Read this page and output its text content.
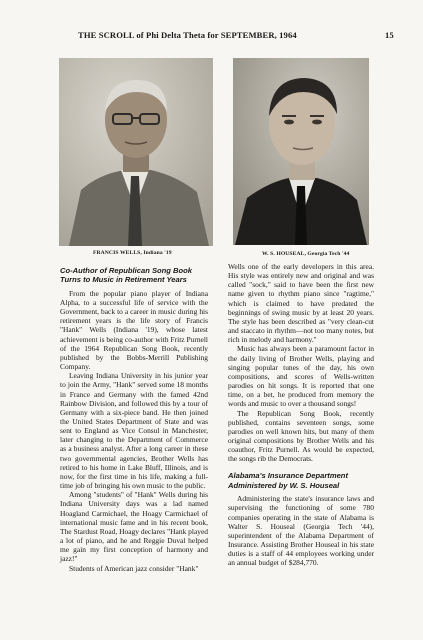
THE SCROLL of Phi Delta Theta for SEPTEMBER, 1964	15
FRANCIS WELLS, Indiana '19	W. S. HOUSEAL, Georgia Tech '44
Co-Author of Republican Song Book
Turns to Music in Retirement Years

From the popular piano player of Indiana Alpha, to a successful life of service with the Government, back to a career in music during his retirement years is the life story of Francis "Hank" Wells (Indiana '19), whose latest achievement is being co-author with Fritz Purnell of the 1964 Republican Song Book, recently published by the Bobbs-Merrill Publishing Company.

Leaving Indiana University in his junior year to join the Army, "Hank" served some 18 months in France and Germany with the famed 42nd Rainbow Division, and followed this by a tour of Germany with a six-piece band. He then joined the United States Department of State and was sent to England as Vice Consul in Manchester, later changing to the Department of Commerce as a business analyst. After a long career in these two governmental agencies, Brother Wells has retired to his home in Lake Bluff, Illinois, and is now, for the first time in his life, making a full-time job of bringing his own music to the public.

Among "students" of "Hank" Wells during his Indiana University days was a lad named Hoagland Carmichael, the Hoagy Carmichael of international music fame and in his recent book, The Stardust Road, Hoagy declares "Hank played a lot of piano, and he and Reggie Duval helped me gain my first conception of harmony and jazz!"

Students of American jazz consider "Hank"

Wells one of the early developers in this area. His style was entirely new and original and was called "sock," said to have been the first new name given to rhythm piano since "ragtime," which is claimed to have predated the beginnings of swing music by at least 20 years. The style has been described as "very clean-cut and staccato in rhythm—not too many notes, but rich in melody and harmony."

Music has always been a paramount factor in the daily living of Brother Wells, playing and singing popular tunes of the day, his own compositions, and scores of Wells-written parodies on hit songs. It is reported that one time, on a bet, he produced from memory the words and music to over a thousand songs!

The Republican Song Book, recently published, contains seventeen songs, some parodies on well known hits, but many of them original compositions by Brother Wells and his coauthor, Fritz Purnell. As would be expected, the songs rib the Democrats.

Alabama's Insurance Department
Administered by W. S. Houseal

Administering the state's insurance laws and supervising the functioning of some 780 companies operating in the state of Alabama is Walter S. Houseal (Georgia Tech '44), superintendent of the Alabama Department of Insurance. Assisting Brother Houseal in his state duties is a staff of 44 employees working under an annual budget of $284,770.
